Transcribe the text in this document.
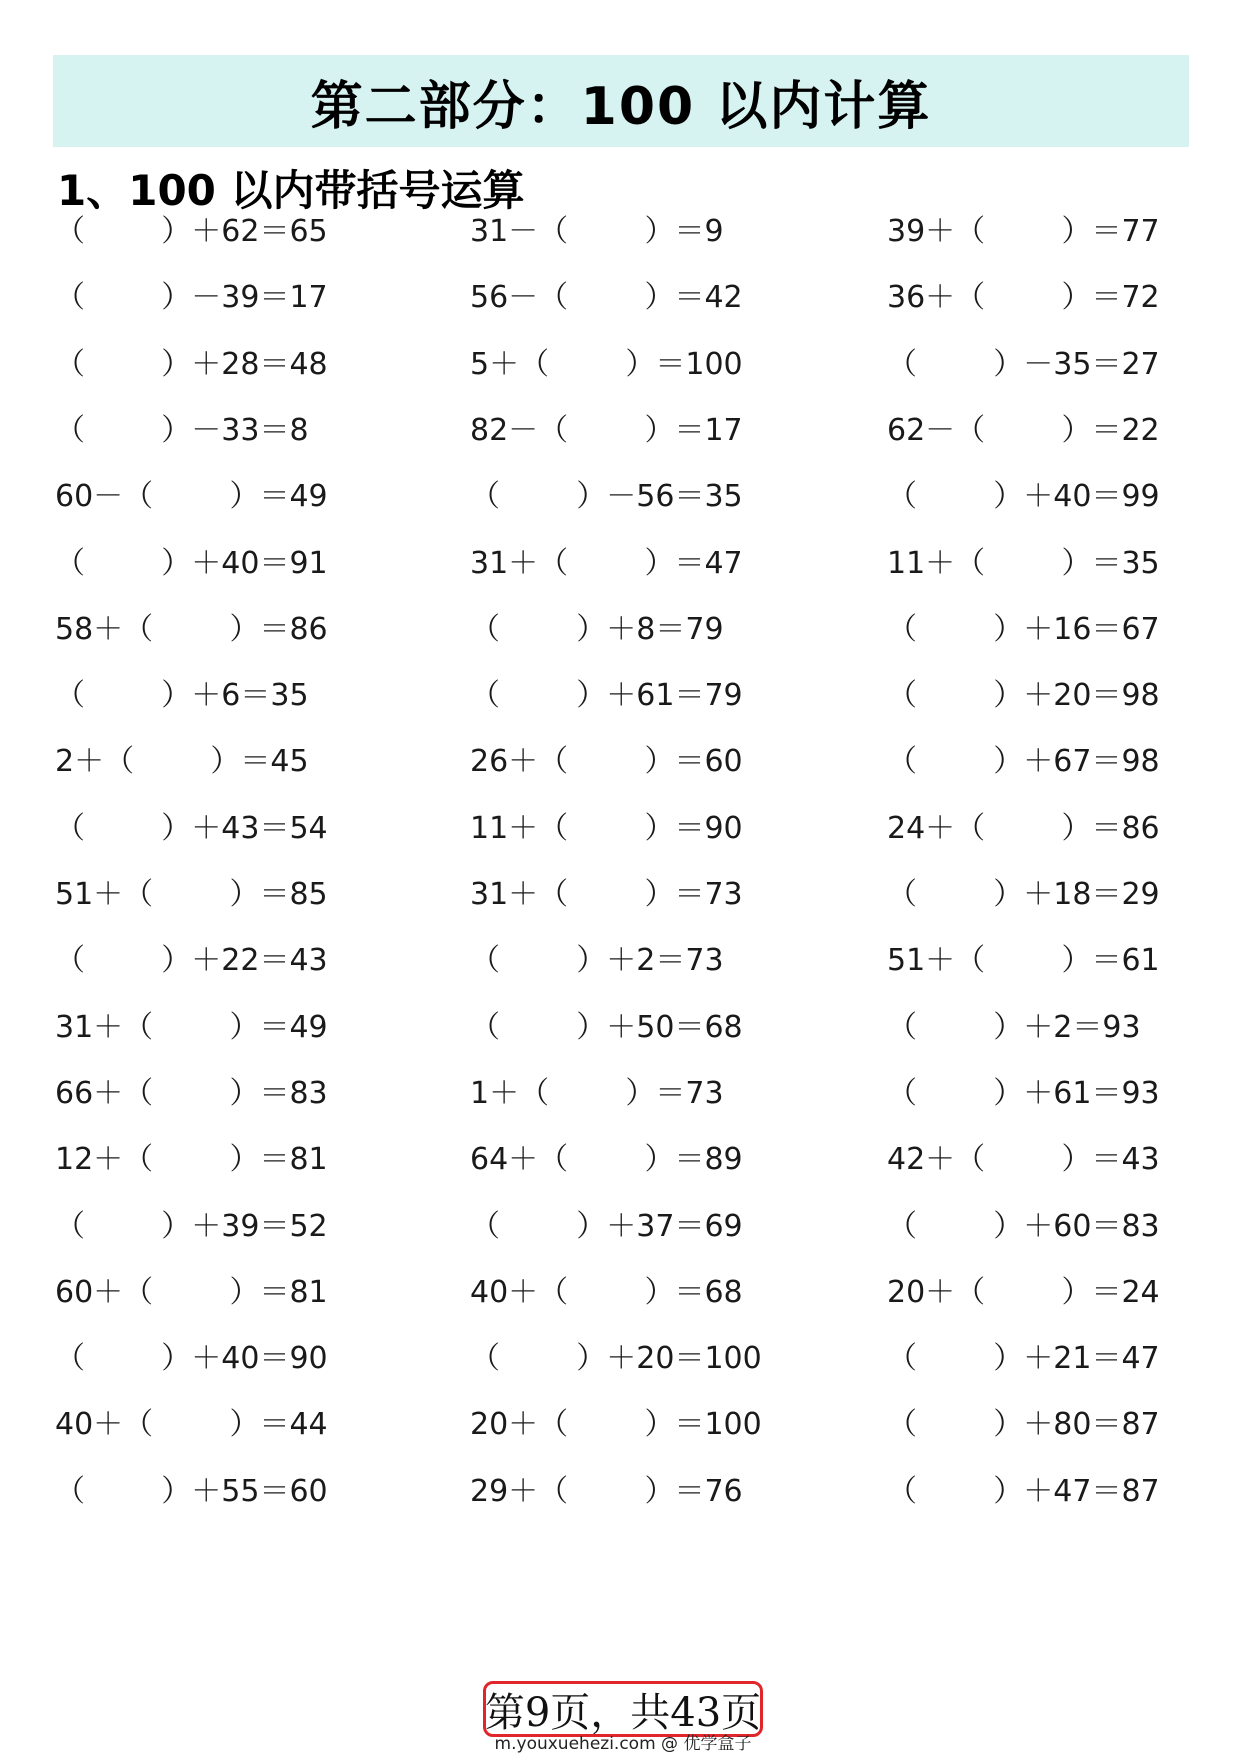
第二部分：100 以内计算
1、100 以内带括号运算
（        ）＋62＝65	31－（        ）＝9	39＋（        ）＝77
（        ）－39＝17	56－（        ）＝42	36＋（        ）＝72
（        ）＋28＝48	5＋（        ）＝100	（        ）－35＝27
（        ）－33＝8	82－（        ）＝17	62－（        ）＝22
60－（        ）＝49	（        ）－56＝35	（        ）＋40＝99
（        ）＋40＝91	31＋（        ）＝47	11＋（        ）＝35
58＋（        ）＝86	（        ）＋8＝79	（        ）＋16＝67
（        ）＋6＝35	（        ）＋61＝79	（        ）＋20＝98
2＋（        ）＝45	26＋（        ）＝60	（        ）＋67＝98
（        ）＋43＝54	11＋（        ）＝90	24＋（        ）＝86
51＋（        ）＝85	31＋（        ）＝73	（        ）＋18＝29
（        ）＋22＝43	（        ）＋2＝73	51＋（        ）＝61
31＋（        ）＝49	（        ）＋50＝68	（        ）＋2＝93
66＋（        ）＝83	1＋（        ）＝73	（        ）＋61＝93
12＋（        ）＝81	64＋（        ）＝89	42＋（        ）＝43
（        ）＋39＝52	（        ）＋37＝69	（        ）＋60＝83
60＋（        ）＝81	40＋（        ）＝68	20＋（        ）＝24
（        ）＋40＝90	（        ）＋20＝100	（        ）＋21＝47
40＋（        ）＝44	20＋（        ）＝100	（        ）＋80＝87
（        ）＋55＝60	29＋（        ）＝76	（        ）＋47＝87
第9页，共43页
m.youxuehezi.com @ 优学盒子
